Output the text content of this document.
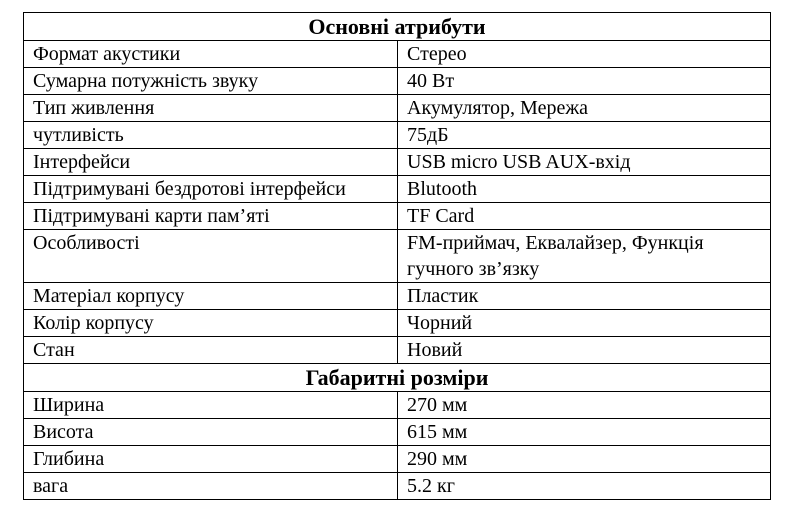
Основні атрибути	
Формат акустики	Стерео
Сумарна потужність звуку	40 Вт
Тип живлення	Акумулятор, Мережа
чутливість	75дБ
Інтерфейси	USB micro USB AUX-вхід
Підтримувані бездротові інтерфейси	Blutooth
Підтримувані карти пам’яті	TF Card
Особливості	FM-приймач, Еквалайзер, Функція гучного зв’язку
Матеріал корпусу	Пластик
Колір корпусу	Чорний
Стан	Новий
Габаритні розміри	
Ширина	270 мм
Висота	615 мм
Глибина	290 мм
вага	5.2 кг
